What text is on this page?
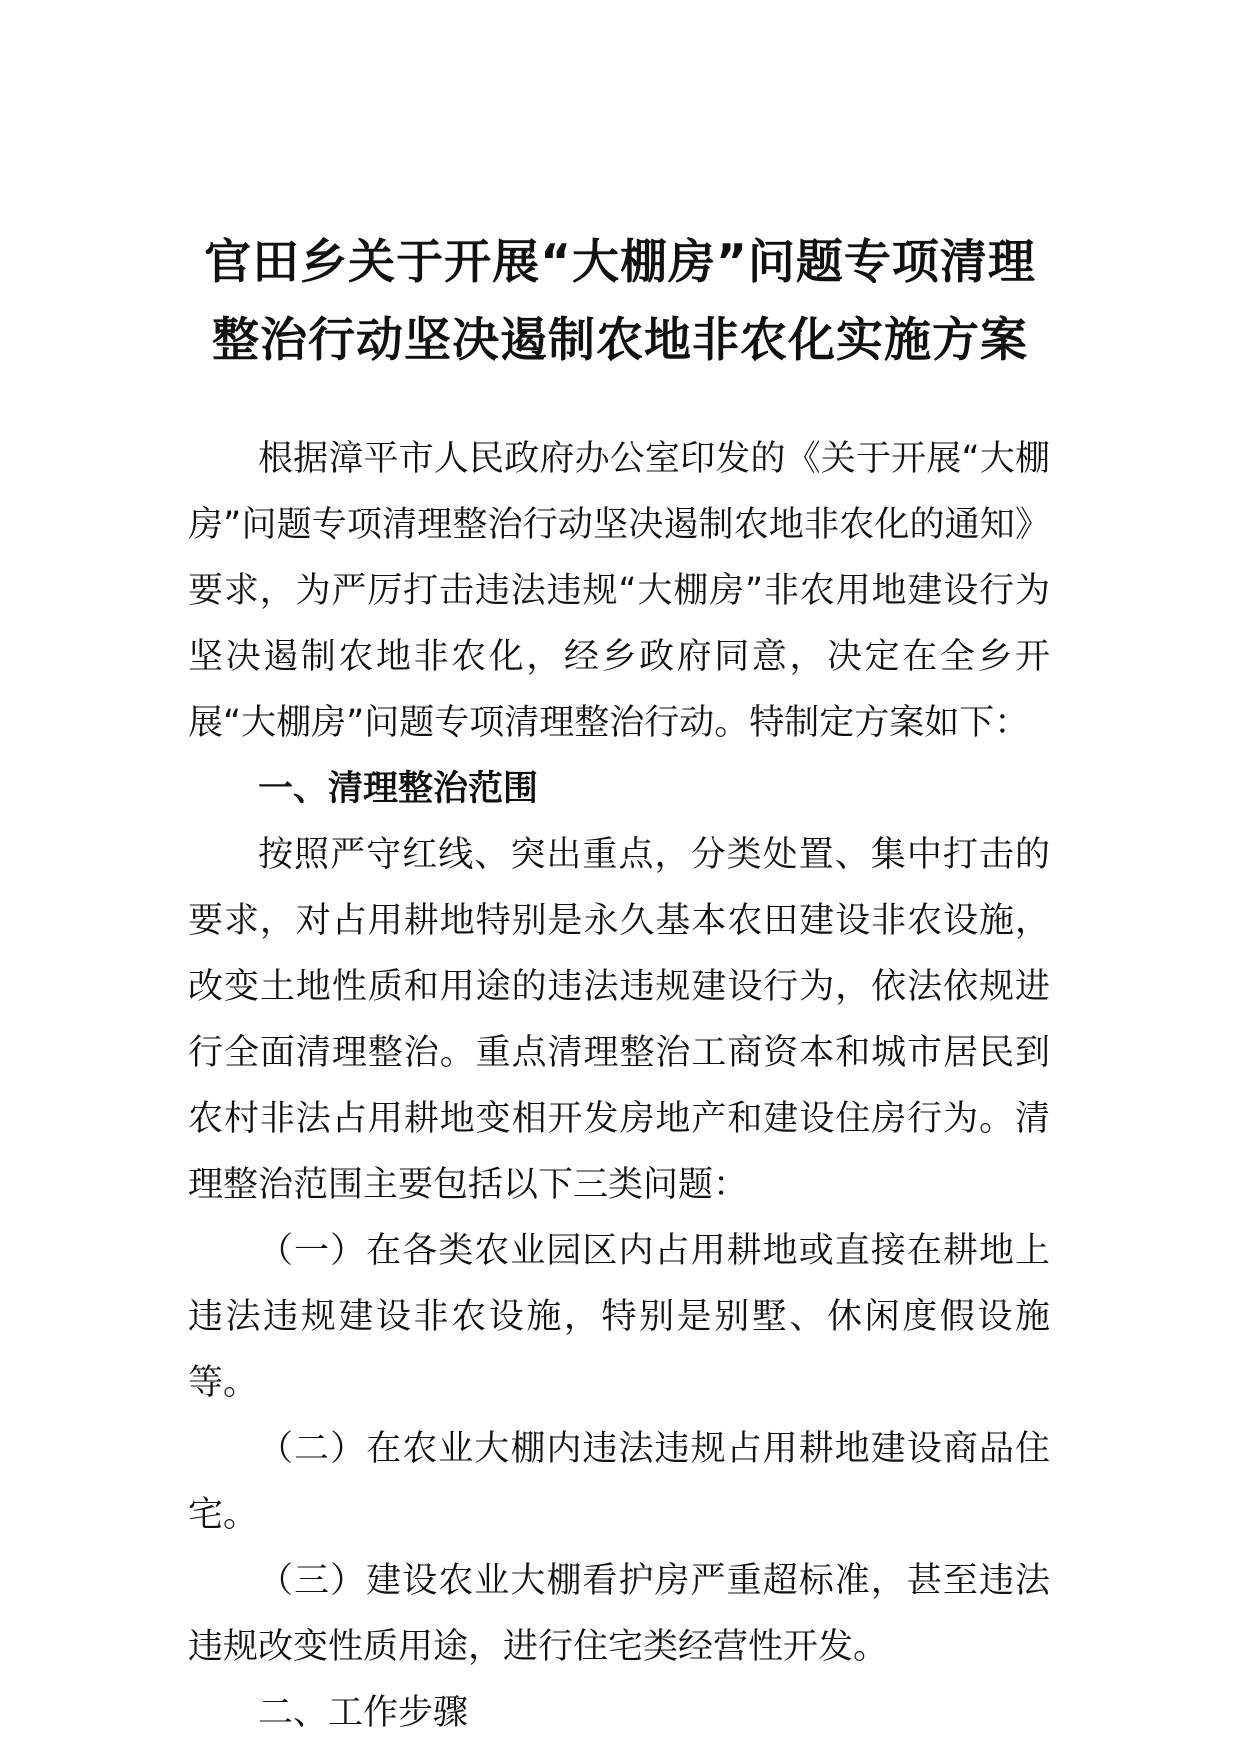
官田乡关于开展“大棚房”问题专项清理
整治行动坚决遏制农地非农化实施方案

根据漳平市人民政府办公室印发的《关于开展“大棚房”问题专项清理整治行动坚决遏制农地非农化的通知》要求，为严厉打击违法违规“大棚房”非农用地建设行为坚决遏制农地非农化，经乡政府同意，决定在全乡开展“大棚房”问题专项清理整治行动。特制定方案如下：

一、清理整治范围

按照严守红线、突出重点，分类处置、集中打击的要求，对占用耕地特别是永久基本农田建设非农设施，改变土地性质和用途的违法违规建设行为，依法依规进行全面清理整治。重点清理整治工商资本和城市居民到农村非法占用耕地变相开发房地产和建设住房行为。清理整治范围主要包括以下三类问题：

（一）在各类农业园区内占用耕地或直接在耕地上违法违规建设非农设施，特别是别墅、休闲度假设施等。

（二）在农业大棚内违法违规占用耕地建设商品住宅。

（三）建设农业大棚看护房严重超标准，甚至违法违规改变性质用途，进行住宅类经营性开发。

二、工作步骤
